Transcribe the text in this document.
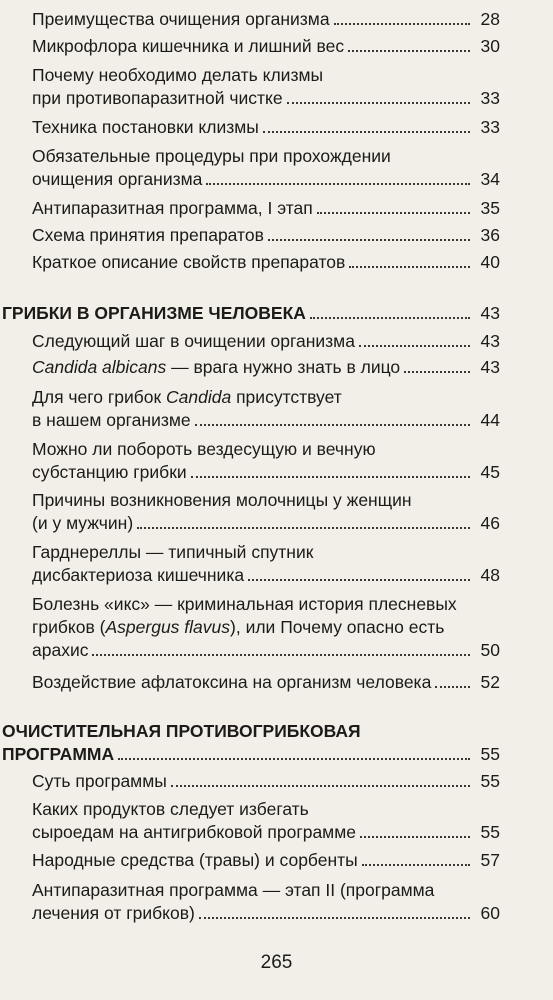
Преимущества очищения организма	28
Микрофлора кишечника и лишний вес	30
Почему необходимо делать клизмы
при противопаразитной чистке	33
Техника постановки клизмы	33
Обязательные процедуры при прохождении
очищения организма	34
Антипаразитная программа, I этап	35
Схема принятия препаратов	36
Краткое описание свойств препаратов	40
ГРИБКИ В ОРГАНИЗМЕ ЧЕЛОВЕКА	43
Следующий шаг в очищении организма	43
Candida albicans — врага нужно знать в лицо	43
Для чего грибок Candida присутствует
в нашем организме	44
Можно ли побороть вездесущую и вечную
субстанцию грибки	45
Причины возникновения молочницы у женщин
(и у мужчин)	46
Гарднереллы — типичный спутник
дисбактериоза кишечника	48
Болезнь «икс» — криминальная история плесневых
грибков (Aspergus flavus), или Почему опасно есть
арахис	50
Воздействие афлатоксина на организм человека	52
ОЧИСТИТЕЛЬНАЯ ПРОТИВОГРИБКОВАЯ
ПРОГРАММА	55
Суть программы	55
Каких продуктов следует избегать
сыроедам на антигрибковой программе	55
Народные средства (травы) и сорбенты	57
Антипаразитная программа — этап II (программа
лечения от грибков)	60
265
